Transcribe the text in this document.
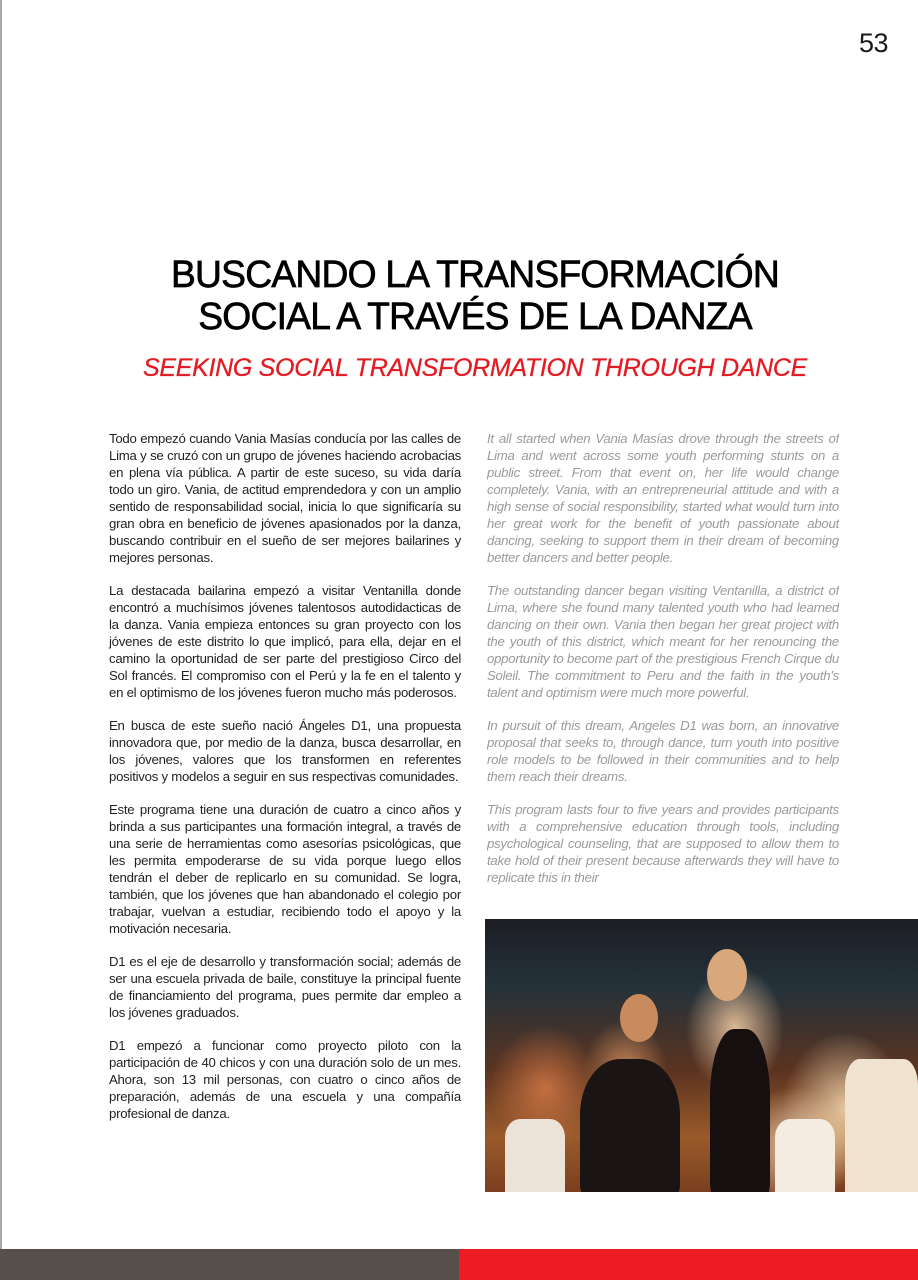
53
BUSCANDO LA TRANSFORMACIÓN
SOCIAL A TRAVÉS DE LA DANZA
SEEKING SOCIAL TRANSFORMATION THROUGH DANCE

Todo empezó cuando Vania Masías conducía por las calles de Lima y se cruzó con un grupo de jóvenes haciendo acrobacias en plena vía pública. A partir de este suceso, su vida daría todo un giro. Vania, de actitud emprendedora y con un amplio sentido de responsabilidad social, inicia lo que significaría su gran obra en beneficio de jóvenes apasionados por la danza, buscando contribuir en el sueño de ser mejores bailarines y mejores personas.

La destacada bailarina empezó a visitar Ventanilla donde encontró a muchísimos jóvenes talentosos autodidacticas de la danza. Vania empieza entonces su gran proyecto con los jóvenes de este distrito lo que implicó, para ella, dejar en el camino la oportunidad de ser parte del prestigioso Circo del Sol francés. El compromiso con el Perú y la fe en el talento y en el optimismo de los jóvenes fueron mucho más poderosos.

En busca de este sueño nació Ángeles D1, una propuesta innovadora que, por medio de la danza, busca desarrollar, en los jóvenes, valores que los transformen en referentes positivos y modelos a seguir en sus respectivas comunidades.

Este programa tiene una duración de cuatro a cinco años y brinda a sus participantes una formación integral, a través de una serie de herramientas como asesorías psicológicas, que les permita empoderarse de su vida porque luego ellos tendrán el deber de replicarlo en su comunidad. Se logra, también, que los jóvenes que han abandonado el colegio por trabajar, vuelvan a estudiar, recibiendo todo el apoyo y la motivación necesaria.

D1 es el eje de desarrollo y transformación social; además de ser una escuela privada de baile, constituye la principal fuente de financiamiento del programa, pues permite dar empleo a los jóvenes graduados.

D1 empezó a funcionar como proyecto piloto con la participación de 40 chicos y con una duración solo de un mes. Ahora, son 13 mil personas, con cuatro o cinco años de preparación, además de una escuela y una compañía profesional de danza.

It all started when Vania Masías drove through the streets of Lima and went across some youth performing stunts on a public street. From that event on, her life would change completely. Vania, with an entrepreneurial attitude and with a high sense of social responsibility, started what would turn into her great work for the benefit of youth passionate about dancing, seeking to support them in their dream of becoming better dancers and better people.

The outstanding dancer began visiting Ventanilla, a district of Lima, where she found many talented youth who had learned dancing on their own. Vania then began her great project with the youth of this district, which meant for her renouncing the opportunity to become part of the prestigious French Cirque du Soleil. The commitment to Peru and the faith in the youth's talent and optimism were much more powerful.

In pursuit of this dream, Angeles D1 was born, an innovative proposal that seeks to, through dance, turn youth into positive role models to be followed in their communities and to help them reach their dreams.

This program lasts four to five years and provides participants with a comprehensive education through tools, including psychological counseling, that are supposed to allow them to take hold of their present because afterwards they will have to replicate this in their
